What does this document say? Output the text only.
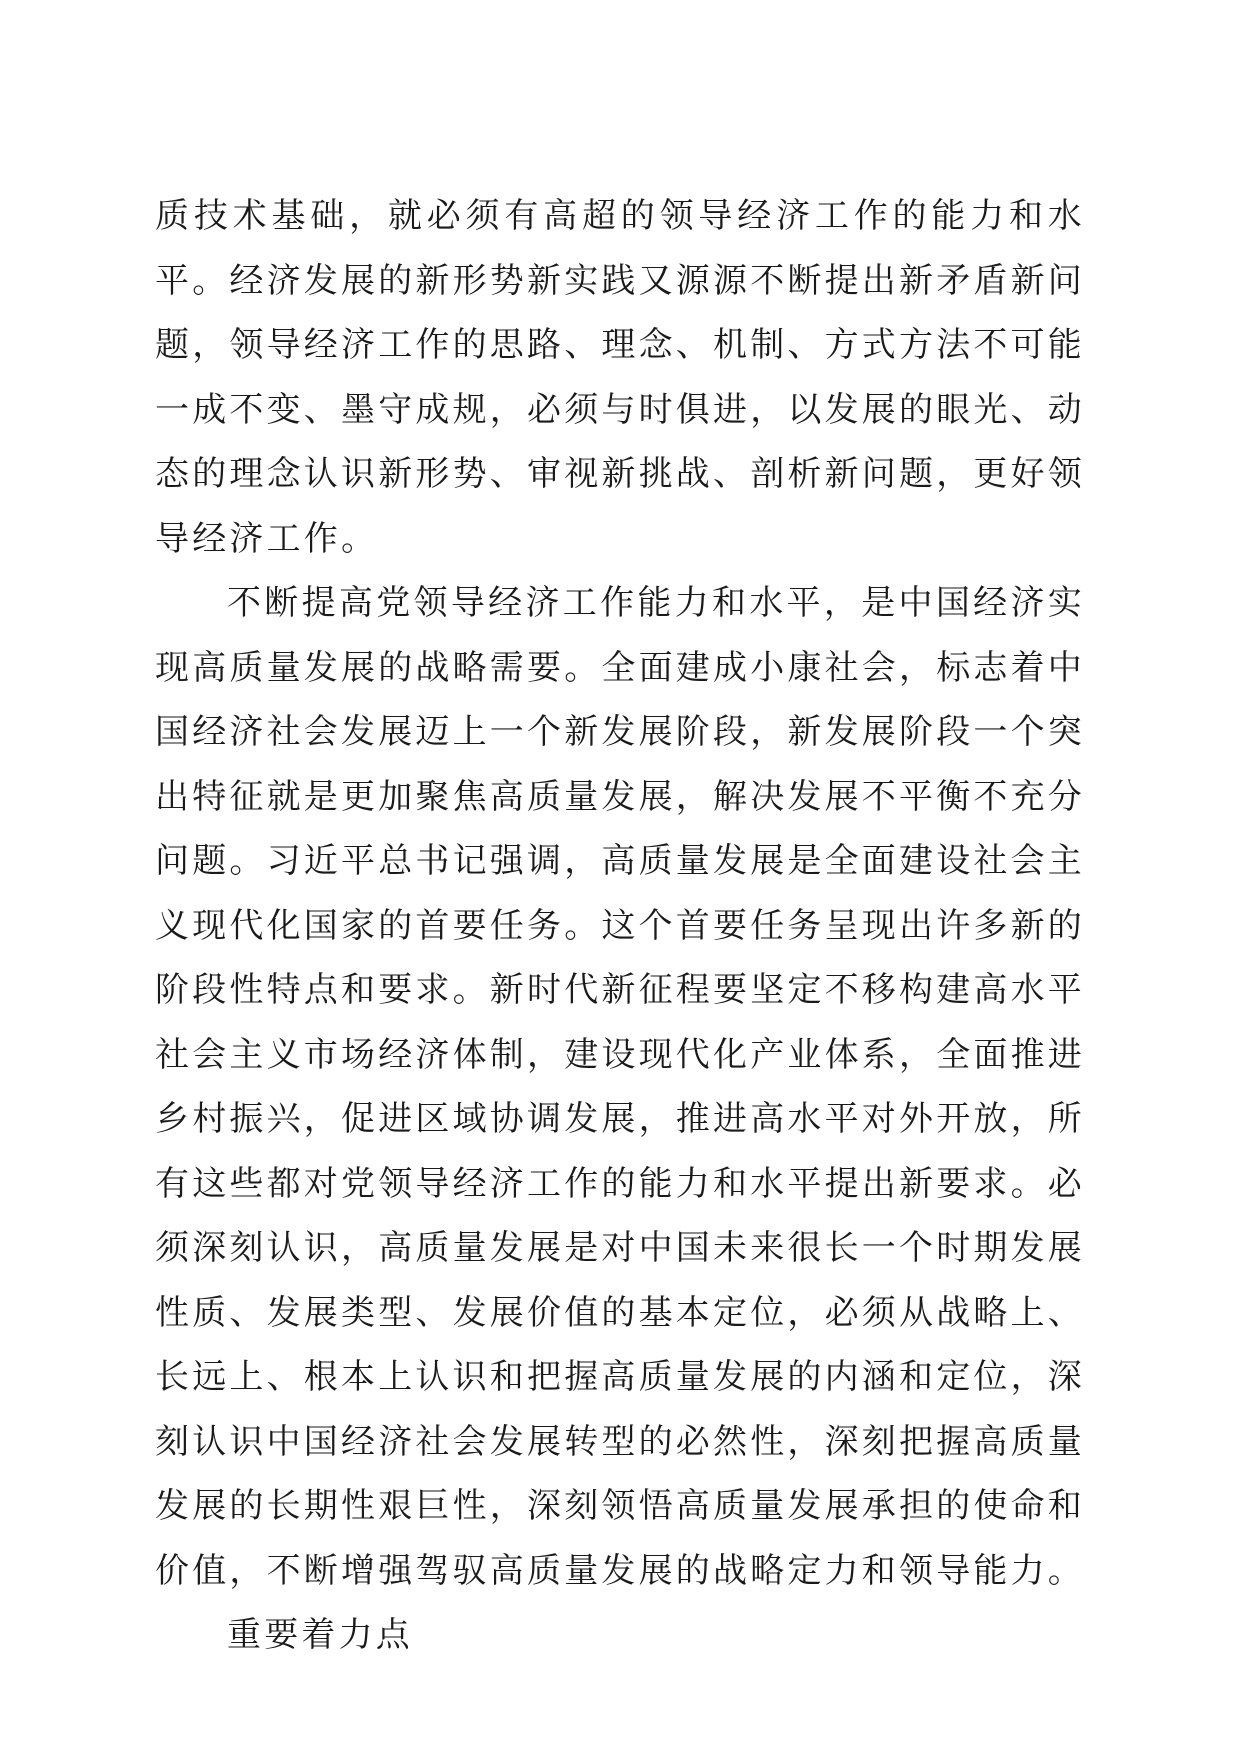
质技术基础，就必须有高超的领导经济工作的能力和水平。经济发展的新形势新实践又源源不断提出新矛盾新问题，领导经济工作的思路、理念、机制、方式方法不可能一成不变、墨守成规，必须与时俱进，以发展的眼光、动态的理念认识新形势、审视新挑战、剖析新问题，更好领导经济工作。

不断提高党领导经济工作能力和水平，是中国经济实现高质量发展的战略需要。全面建成小康社会，标志着中国经济社会发展迈上一个新发展阶段，新发展阶段一个突出特征就是更加聚焦高质量发展，解决发展不平衡不充分问题。习近平总书记强调，高质量发展是全面建设社会主义现代化国家的首要任务。这个首要任务呈现出许多新的阶段性特点和要求。新时代新征程要坚定不移构建高水平社会主义市场经济体制，建设现代化产业体系，全面推进乡村振兴，促进区域协调发展，推进高水平对外开放，所有这些都对党领导经济工作的能力和水平提出新要求。必须深刻认识，高质量发展是对中国未来很长一个时期发展性质、发展类型、发展价值的基本定位，必须从战略上、长远上、根本上认识和把握高质量发展的内涵和定位，深刻认识中国经济社会发展转型的必然性，深刻把握高质量发展的长期性艰巨性，深刻领悟高质量发展承担的使命和价值，不断增强驾驭高质量发展的战略定力和领导能力。

重要着力点
